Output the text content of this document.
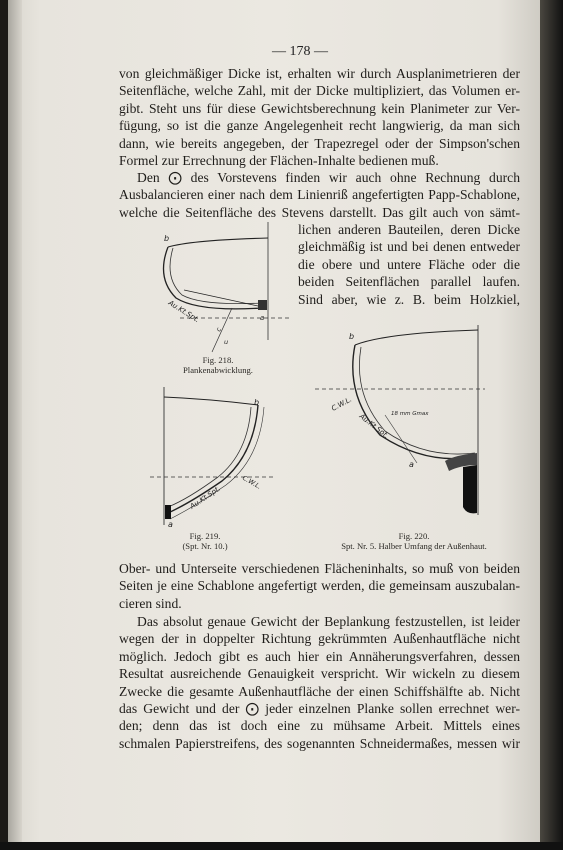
— 178 —
von gleichmäßiger Dicke ist, erhalten wir durch Ausplanimetrieren der
Seitenfläche, welche Zahl, mit der Dicke multipliziert, das Volumen er-
gibt. Steht uns für diese Gewichtsberechnung kein Planimeter zur Ver-
fügung, so ist die ganze Angelegenheit recht langwierig, da man sich
dann, wie bereits angegeben, der Trapezregel oder der Simpson'schen
Formel zur Errechnung der Flächen-Inhalte bedienen muß.
Den ⨀ des Vorstevens finden wir auch ohne Rechnung durch
Ausbalancieren einer nach dem Linienriß angefertigten Papp-Schablone,
welche die Seitenfläche des Stevens darstellt. Das gilt auch von sämt-
lichen anderen Bauteilen, deren Dicke
gleichmäßig ist und bei denen entweder
die obere und untere Fläche oder die
beiden Seitenflächen parallel laufen.
Sind aber, wie z. B. beim Holzkiel,
b
a
Au.Kt.Spt.
c
u
Fig. 218.
Plankenabwicklung.
b
a
C.W.L.
Au.Kt.Spt. 18 mm Gmax
b
a
Au.Kt.Spt.
C.W.L.
Fig. 219.
(Spt. Nr. 10.)
Fig. 220.
Spt. Nr. 5. Halber Umfang der Außenhaut.
Ober- und Unterseite verschiedenen Flächeninhalts, so muß von beiden
Seiten je eine Schablone angefertigt werden, die gemeinsam auszubalan-
cieren sind.
Das absolut genaue Gewicht der Beplankung festzustellen, ist leider
wegen der in doppelter Richtung gekrümmten Außenhautfläche nicht
möglich. Jedoch gibt es auch hier ein Annäherungsverfahren, dessen
Resultat ausreichende Genauigkeit verspricht. Wir wickeln zu diesem
Zwecke die gesamte Außenhautfläche der einen Schiffshälfte ab. Nicht
das Gewicht und der ⨀ jeder einzelnen Planke sollen errechnet wer-
den; denn das ist doch eine zu mühsame Arbeit. Mittels eines
schmalen Papierstreifens, des sogenannten Schneidermaßes, messen wir
